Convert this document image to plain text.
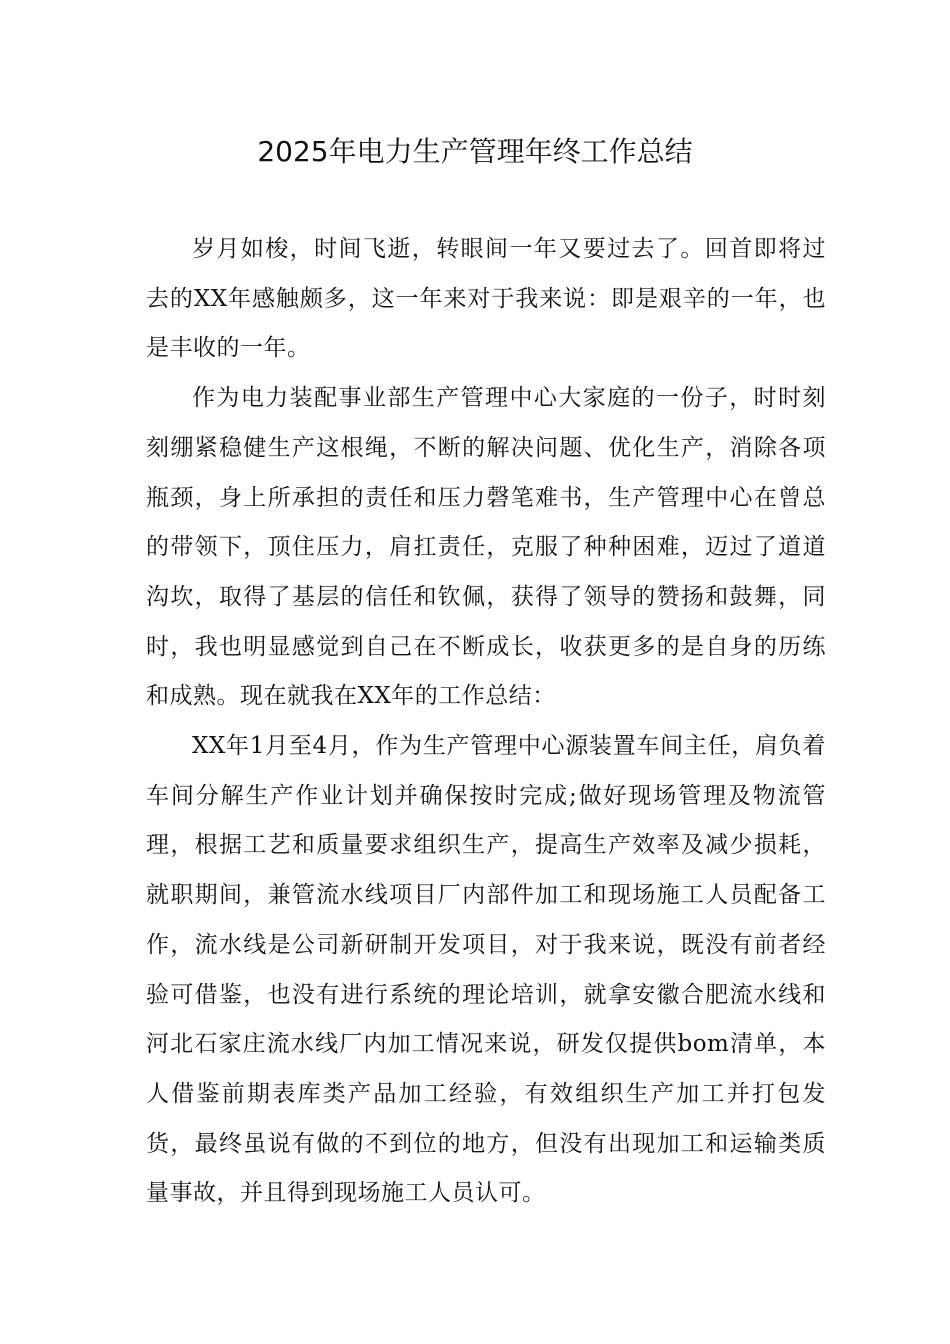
2025年电力生产管理年终工作总结

岁月如梭，时间飞逝，转眼间一年又要过去了。回首即将过去的XX年感触颇多，这一年来对于我来说：即是艰辛的一年，也是丰收的一年。

作为电力装配事业部生产管理中心大家庭的一份子，时时刻刻绷紧稳健生产这根绳，不断的解决问题、优化生产，消除各项瓶颈，身上所承担的责任和压力磬笔难书，生产管理中心在曾总的带领下，顶住压力，肩扛责任，克服了种种困难，迈过了道道沟坎，取得了基层的信任和钦佩，获得了领导的赞扬和鼓舞，同时，我也明显感觉到自己在不断成长，收获更多的是自身的历练和成熟。现在就我在XX年的工作总结：

XX年1月至4月，作为生产管理中心源装置车间主任，肩负着车间分解生产作业计划并确保按时完成;做好现场管理及物流管理，根据工艺和质量要求组织生产，提高生产效率及减少损耗，就职期间，兼管流水线项目厂内部件加工和现场施工人员配备工作，流水线是公司新研制开发项目，对于我来说，既没有前者经验可借鉴，也没有进行系统的理论培训，就拿安徽合肥流水线和河北石家庄流水线厂内加工情况来说，研发仅提供bom清单，本人借鉴前期表库类产品加工经验，有效组织生产加工并打包发货，最终虽说有做的不到位的地方，但没有出现加工和运输类质量事故，并且得到现场施工人员认可。
